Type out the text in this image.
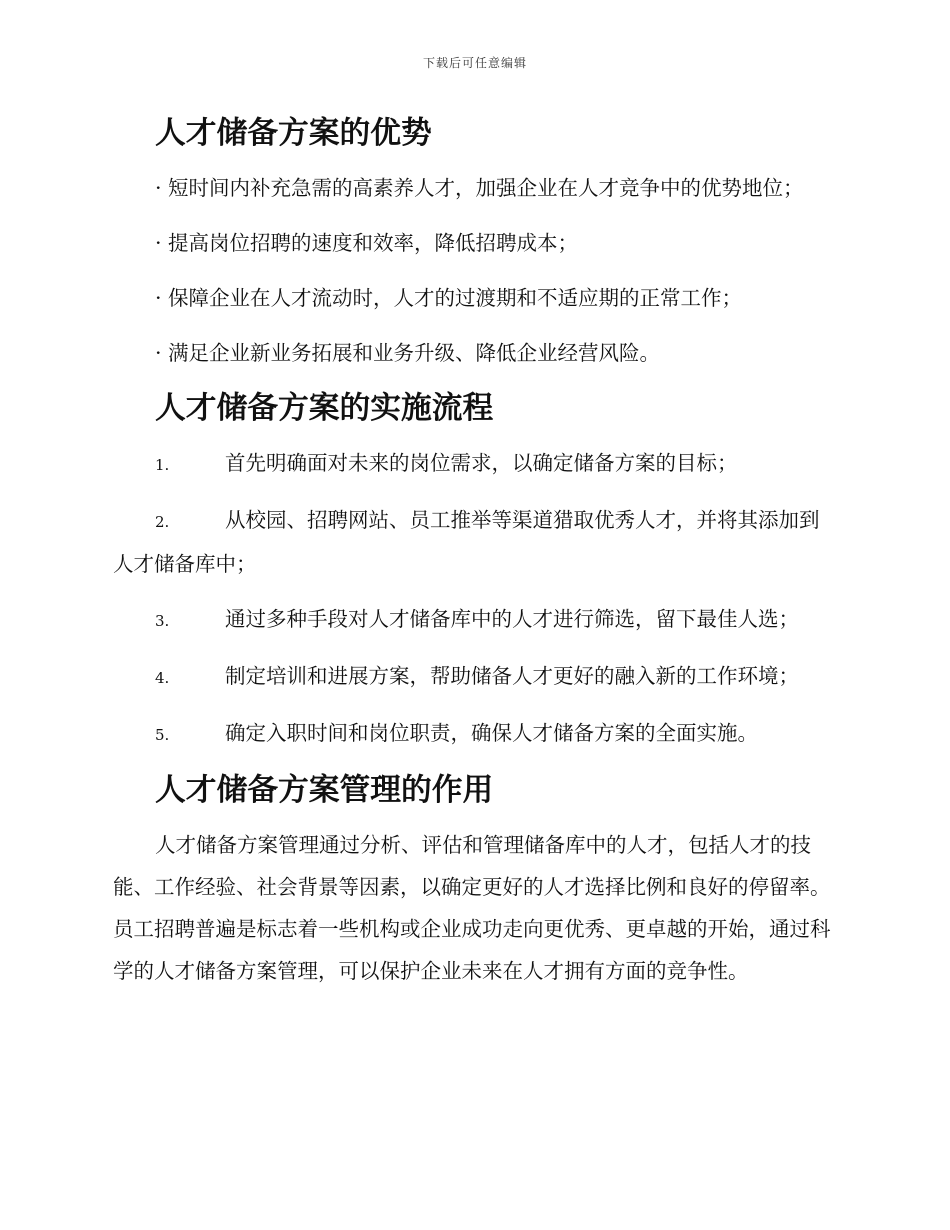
下载后可任意编辑
人才储备方案的优势

· 短时间内补充急需的高素养人才，加强企业在人才竞争中的优势地位；

· 提高岗位招聘的速度和效率，降低招聘成本；

· 保障企业在人才流动时，人才的过渡期和不适应期的正常工作；

· 满足企业新业务拓展和业务升级、降低企业经营风险。

人才储备方案的实施流程

1.	首先明确面对未来的岗位需求，以确定储备方案的目标；

2.	从校园、招聘网站、员工推举等渠道猎取优秀人才，并将其添加到人才储备库中；

3.	通过多种手段对人才储备库中的人才进行筛选，留下最佳人选；

4.	制定培训和进展方案，帮助储备人才更好的融入新的工作环境；

5.	确定入职时间和岗位职责，确保人才储备方案的全面实施。

人才储备方案管理的作用

人才储备方案管理通过分析、评估和管理储备库中的人才，包括人才的技能、工作经验、社会背景等因素，以确定更好的人才选择比例和良好的停留率。员工招聘普遍是标志着一些机构或企业成功走向更优秀、更卓越的开始，通过科学的人才储备方案管理，可以保护企业未来在人才拥有方面的竞争性。
